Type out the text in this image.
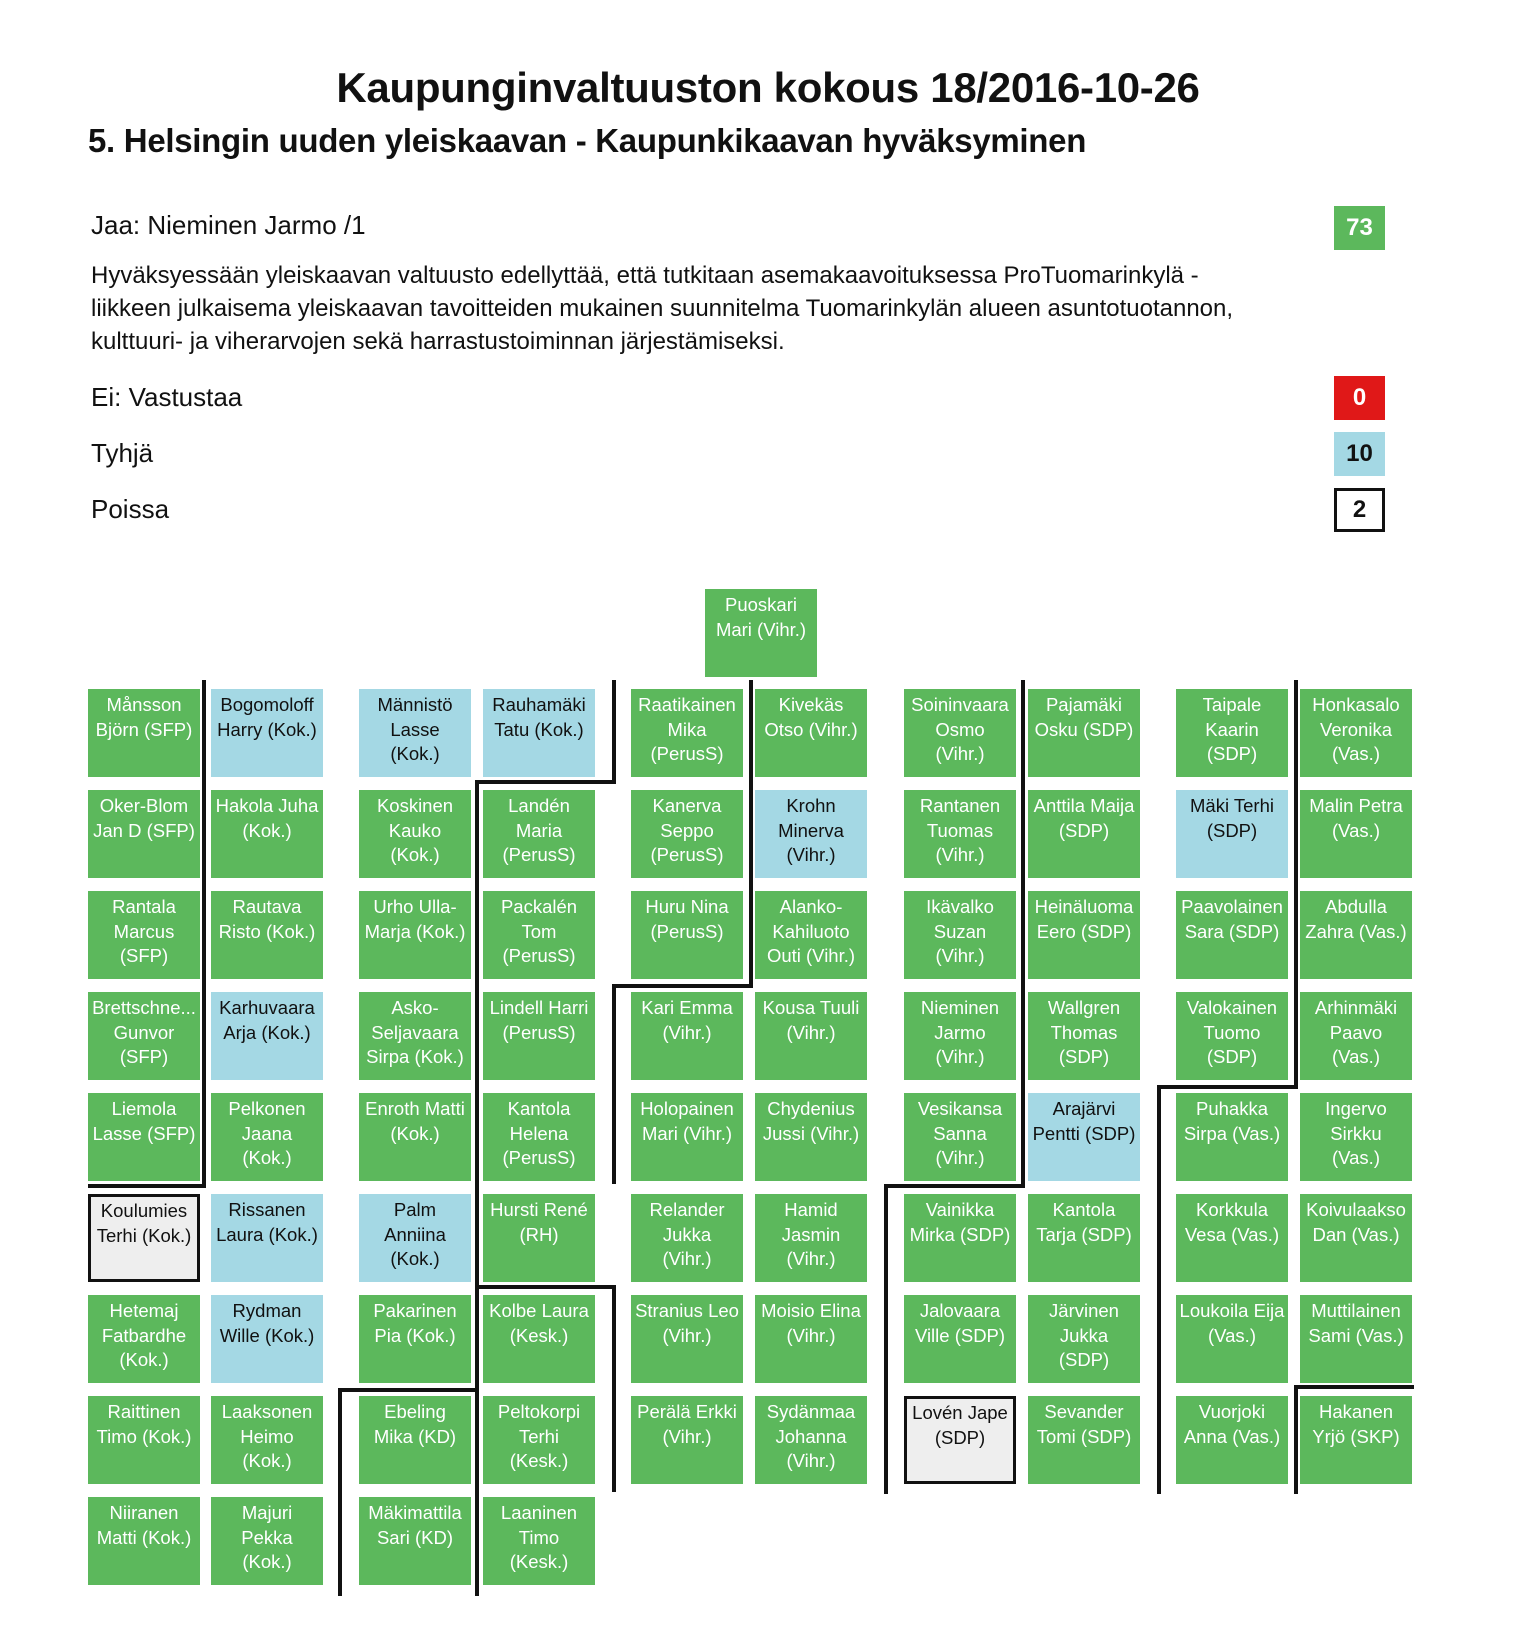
Kaupunginvaltuuston kokous 18/2016-10-26
5. Helsingin uuden yleiskaavan - Kaupunkikaavan hyväksyminen
Jaa: Nieminen Jarmo /1
Hyväksyessään yleiskaavan valtuusto edellyttää, että tutkitaan asemakaavoituksessa ProTuomarinkylä -
liikkeen julkaisema yleiskaavan tavoitteiden mukainen suunnitelma Tuomarinkylän alueen asuntotuotannon,
kulttuuri- ja viherarvojen sekä harrastustoiminnan järjestämiseksi.
73
Ei: Vastustaa	0
Tyhjä	10
Poissa	2
Puoskari
Mari (Vihr.)
Månsson
Björn (SFP)
Oker-Blom
Jan D (SFP)
Rantala
Marcus
(SFP)
Brettschne...
Gunvor
(SFP)
Liemola
Lasse (SFP)
Koulumies
Terhi (Kok.)
Hetemaj
Fatbardhe
(Kok.)
Raittinen
Timo (Kok.)
Niiranen
Matti (Kok.)
Bogomoloff
Harry (Kok.)
Hakola Juha
(Kok.)
Rautava
Risto (Kok.)
Karhuvaara
Arja (Kok.)
Pelkonen
Jaana
(Kok.)
Rissanen
Laura (Kok.)
Rydman
Wille (Kok.)
Laaksonen
Heimo
(Kok.)
Majuri
Pekka
(Kok.)
Männistö
Lasse
(Kok.)
Koskinen
Kauko
(Kok.)
Urho Ulla-
Marja (Kok.)
Asko-
Seljavaara
Sirpa (Kok.)
Enroth Matti
(Kok.)
Palm
Anniina
(Kok.)
Pakarinen
Pia (Kok.)
Ebeling
Mika (KD)
Mäkimattila
Sari (KD)
Rauhamäki
Tatu (Kok.)
Landén
Maria
(PerusS)
Packalén
Tom
(PerusS)
Lindell Harri
(PerusS)
Kantola
Helena
(PerusS)
Hursti René
(RH)
Kolbe Laura
(Kesk.)
Peltokorpi
Terhi
(Kesk.)
Laaninen
Timo
(Kesk.)
Raatikainen
Mika
(PerusS)
Kanerva
Seppo
(PerusS)
Huru Nina
(PerusS)
Kari Emma
(Vihr.)
Holopainen
Mari (Vihr.)
Relander
Jukka
(Vihr.)
Stranius Leo
(Vihr.)
Perälä Erkki
(Vihr.)
Kivekäs
Otso (Vihr.)
Krohn
Minerva
(Vihr.)
Alanko-
Kahiluoto
Outi (Vihr.)
Kousa Tuuli
(Vihr.)
Chydenius
Jussi (Vihr.)
Hamid
Jasmin
(Vihr.)
Moisio Elina
(Vihr.)
Sydänmaa
Johanna
(Vihr.)
Soininvaara
Osmo
(Vihr.)
Rantanen
Tuomas
(Vihr.)
Ikävalko
Suzan
(Vihr.)
Nieminen
Jarmo
(Vihr.)
Vesikansa
Sanna
(Vihr.)
Vainikka
Mirka (SDP)
Jalovaara
Ville (SDP)
Lovén Jape
(SDP)
Pajamäki
Osku (SDP)
Anttila Maija
(SDP)
Heinäluoma
Eero (SDP)
Wallgren
Thomas
(SDP)
Arajärvi
Pentti (SDP)
Kantola
Tarja (SDP)
Järvinen
Jukka
(SDP)
Sevander
Tomi (SDP)
Taipale
Kaarin
(SDP)
Mäki Terhi
(SDP)
Paavolainen
Sara (SDP)
Valokainen
Tuomo
(SDP)
Puhakka
Sirpa (Vas.)
Korkkula
Vesa (Vas.)
Loukoila Eija
(Vas.)
Vuorjoki
Anna (Vas.)
Honkasalo
Veronika
(Vas.)
Malin Petra
(Vas.)
Abdulla
Zahra (Vas.)
Arhinmäki
Paavo
(Vas.)
Ingervo
Sirkku
(Vas.)
Koivulaakso
Dan (Vas.)
Muttilainen
Sami (Vas.)
Hakanen
Yrjö (SKP)
